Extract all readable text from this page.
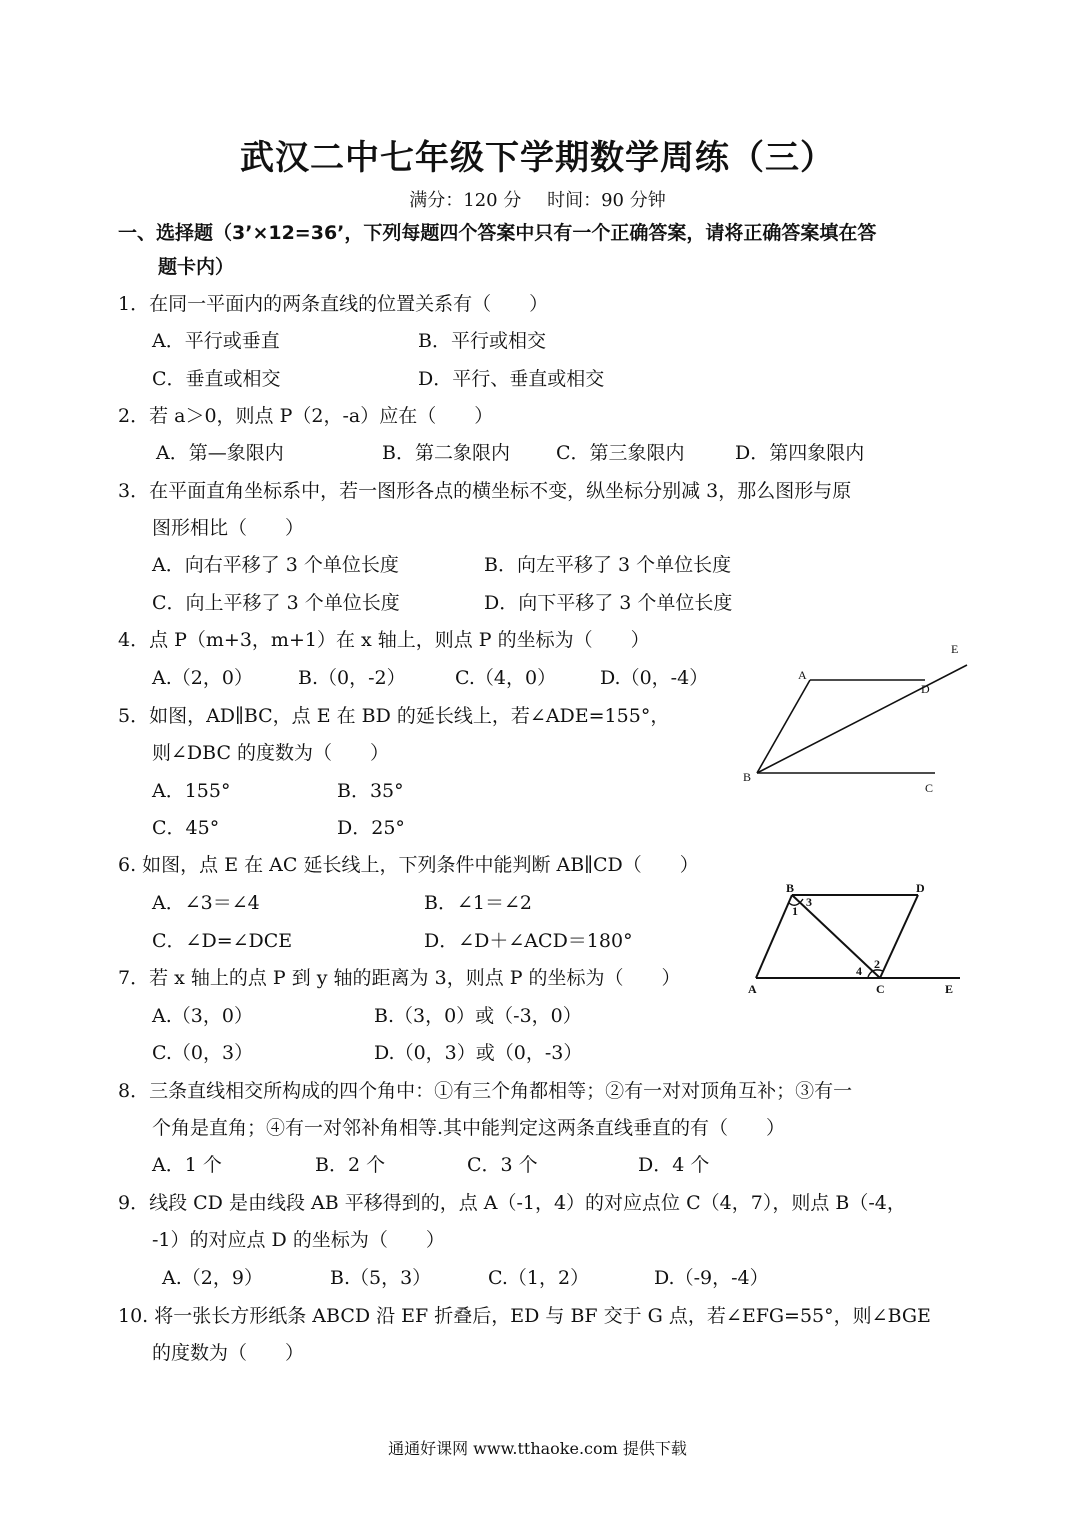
武汉二中七年级下学期数学周练（三）
满分：120 分 时间：90 分钟
一、选择题（3’×12=36’，下列每题四个答案中只有一个正确答案，请将正确答案填在答
题卡内）
1．在同一平面内的两条直线的位置关系有（　　）
A．平行或垂直	B．平行或相交
C．垂直或相交	D．平行、垂直或相交
2．若 a＞0，则点 P（2，-a）应在（　　）
A．第—象限内	B．第二象限内 C．第三象限内	D．第四象限内
3．在平面直角坐标系中，若一图形各点的横坐标不变，纵坐标分别减 3，那么图形与原
图形相比（　　）
A．向右平移了 3 个单位长度	B．向左平移了 3 个单位长度
C．向上平移了 3 个单位长度	D．向下平移了 3 个单位长度
4．点 P（m+3，m+1）在 x 轴上，则点 P 的坐标为（　　）
A.（2，0） B.（0，-2）	C.（4，0） D.（0，-4）
5．如图，AD∥BC，点 E 在 BD 的延长线上，若∠ADE=155°，
则∠DBC 的度数为（　　）
A．155°	B．35°
C．45°	D．25°
6. 如图，点 E 在 AC 延长线上，下列条件中能判断 AB∥CD（　　）
A．∠3＝∠4	B．∠1＝∠2
C．∠D=∠DCE	D．∠D＋∠ACD＝180°
7．若 x 轴上的点 P 到 y 轴的距离为 3，则点 P 的坐标为（　　）
A.（3，0）	B.（3，0）或（-3，0）
C.（0，3）	D.（0，3）或（0，-3）
8．三条直线相交所构成的四个角中：①有三个角都相等；②有一对对顶角互补；③有一
个角是直角；④有一对邻补角相等.其中能判定这两条直线垂直的有（　　）
A．1 个	B．2 个	C．3 个	D．4 个
9．线段 CD 是由线段 AB 平移得到的，点 A（-1，4）的对应点位 C（4，7），则点 B（-4，
-1）的对应点 D 的坐标为（　　）
A.（2，9）	B.（5，3）	C.（1，2）	D.（-9，-4）
10. 将一张长方形纸条 ABCD 沿 EF 折叠后，ED 与 BF 交于 G 点，若∠EFG=55°，则∠BGE
的度数为（　　）
A
B
C
D
E
B	D
A	C	E
1
3
2
4
通通好课网 www.tthaoke.com 提供下载
